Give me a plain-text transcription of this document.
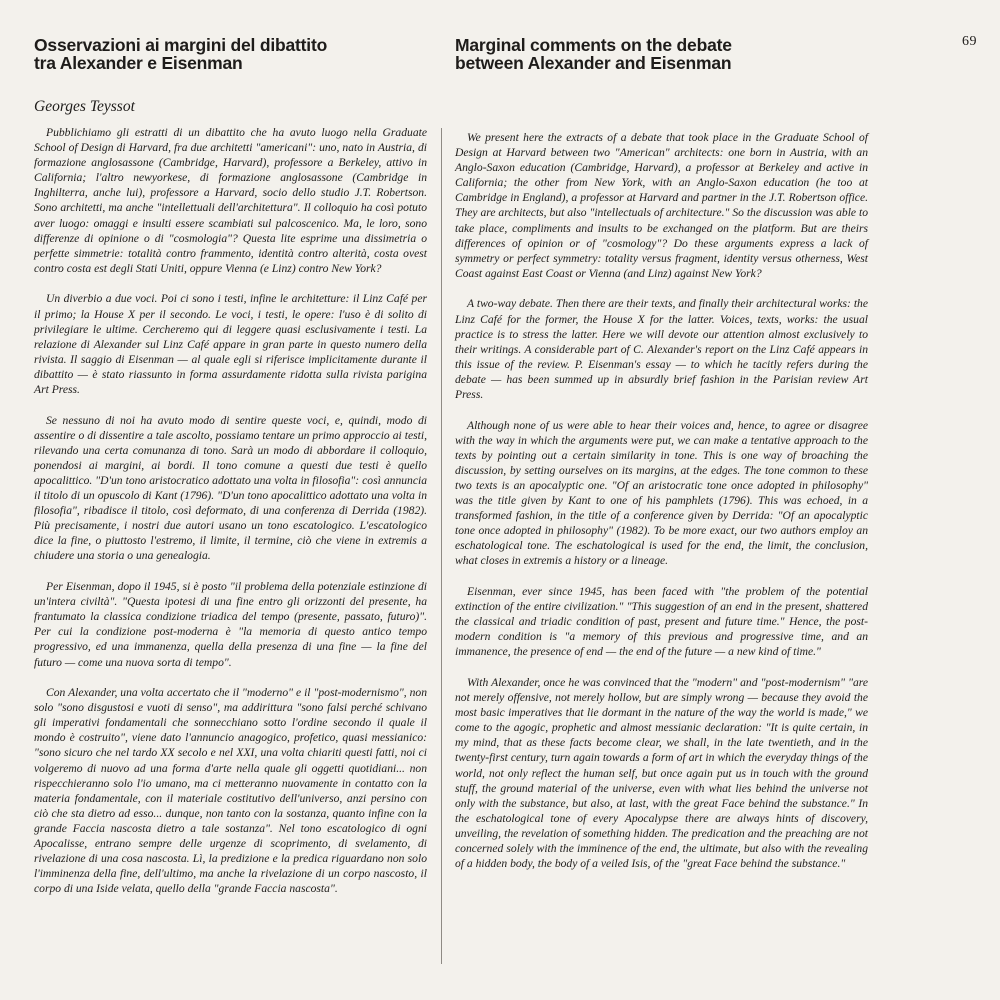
69
Osservazioni ai margini del dibattito
tra Alexander e Eisenman
Marginal comments on the debate
between Alexander and Eisenman
Georges Teyssot

Pubblichiamo gli estratti di un dibattito che ha avuto luogo nella Graduate School of Design di Harvard, fra due architetti "americani": uno, nato in Austria, di formazione anglosassone (Cambridge, Harvard), professore a Berkeley, attivo in California; l'altro newyorkese, di formazione anglosassone (Cambridge in Inghilterra, anche lui), professore a Harvard, socio dello studio J.T. Robertson. Sono architetti, ma anche "intellettuali dell'architettura". Il colloquio ha così potuto aver luogo: omaggi e insulti essere scambiati sul palcoscenico. Ma, le loro, sono differenze di opinione o di "cosmologia"? Questa lite esprime una dissimetria o perfette simmetrie: totalità contro frammento, identità contro alterità, costa ovest contro costa est degli Stati Uniti, oppure Vienna (e Linz) contro New York?

Un diverbio a due voci. Poi ci sono i testi, infine le architetture: il Linz Café per il primo; la House X per il secondo. Le voci, i testi, le opere: l'uso è di solito di privilegiare le ultime. Cercheremo qui di leggere quasi esclusivamente i testi. La relazione di Alexander sul Linz Café appare in gran parte in questo numero della rivista. Il saggio di Eisenman — al quale egli si riferisce implicitamente durante il dibattito — è stato riassunto in forma assurdamente ridotta sulla rivista parigina Art Press.

Se nessuno di noi ha avuto modo di sentire queste voci, e, quindi, modo di assentire o di dissentire a tale ascolto, possiamo tentare un primo approccio ai testi, rilevando una certa comunanza di tono. Sarà un modo di abbordare il colloquio, ponendosi ai margini, ai bordi. Il tono comune a questi due testi è quello apocalittico. "D'un tono aristocratico adottato una volta in filosofia": così annuncia il titolo di un opuscolo di Kant (1796). "D'un tono apocalittico adottato una volta in filosofia", ribadisce il titolo, così deformato, di una conferenza di Derrida (1982). Più precisamente, i nostri due autori usano un tono escatologico. L'escatologico dice la fine, o piuttosto l'estremo, il limite, il termine, ciò che viene in extremis a chiudere una storia o una genealogia.

Per Eisenman, dopo il 1945, si è posto "il problema della potenziale estinzione di un'intera civiltà". "Questa ipotesi di una fine entro gli orizzonti del presente, ha frantumato la classica condizione triadica del tempo (presente, passato, futuro)". Per cui la condizione post-moderna è "la memoria di questo antico tempo progressivo, ed una immanenza, quella della presenza di una fine — la fine del futuro — come una nuova sorta di tempo".

Con Alexander, una volta accertato che il "moderno" e il "post-modernismo", non solo "sono disgustosi e vuoti di senso", ma addirittura "sono falsi perché schivano gli imperativi fondamentali che sonnecchiano sotto l'ordine secondo il quale il mondo è costruito", viene dato l'annuncio anagogico, profetico, quasi messianico: "sono sicuro che nel tardo XX secolo e nel XXI, una volta chiariti questi fatti, noi ci volgeremo di nuovo ad una forma d'arte nella quale gli oggetti quotidiani... non rispecchieranno solo l'io umano, ma ci metteranno nuovamente in contatto con la materia fondamentale, con il materiale costitutivo dell'universo, anzi persino con ciò che sta dietro ad esso... dunque, non tanto con la sostanza, quanto infine con la grande Faccia nascosta dietro a tale sostanza". Nel tono escatologico di ogni Apocalisse, entrano sempre delle urgenze di scoprimento, di svelamento, di rivelazione di una cosa nascosta. Lì, la predizione e la predica riguardano non solo l'imminenza della fine, dell'ultimo, ma anche la rivelazione di un corpo nascosto, il corpo di una Iside velata, quello della "grande Faccia nascosta".

We present here the extracts of a debate that took place in the Graduate School of Design at Harvard between two "American" architects: one born in Austria, with an Anglo-Saxon education (Cambridge, Harvard), a professor at Berkeley and active in California; the other from New York, with an Anglo-Saxon education (he too at Cambridge in England), a professor at Harvard and partner in the J.T. Robertson office. They are architects, but also "intellectuals of architecture." So the discussion was able to take place, compliments and insults to be exchanged on the platform. But are theirs differences of opinion or of "cosmology"? Do these arguments express a lack of symmetry or perfect symmetry: totality versus fragment, identity versus otherness, West Coast against East Coast or Vienna (and Linz) against New York?

A two-way debate. Then there are their texts, and finally their architectural works: the Linz Café for the former, the House X for the latter. Voices, texts, works: the usual practice is to stress the latter. Here we will devote our attention almost exclusively to their writings. A considerable part of C. Alexander's report on the Linz Café appears in this issue of the review. P. Eisenman's essay — to which he tacitly refers during the debate — has been summed up in absurdly brief fashion in the Parisian review Art Press.

Although none of us were able to hear their voices and, hence, to agree or disagree with the way in which the arguments were put, we can make a tentative approach to the texts by pointing out a certain similarity in tone. This is one way of broaching the discussion, by setting ourselves on its margins, at the edges. The tone common to these two texts is an apocalyptic one. "Of an aristocratic tone once adopted in philosophy" was the title given by Kant to one of his pamphlets (1796). This was echoed, in a transformed fashion, in the title of a conference given by Derrida: "Of an apocalyptic tone once adopted in philosophy" (1982). To be more exact, our two authors employ an eschatological tone. The eschatological is used for the end, the limit, the conclusion, what closes in extremis a history or a lineage.

Eisenman, ever since 1945, has been faced with "the problem of the potential extinction of the entire civilization." "This suggestion of an end in the present, shattered the classical and triadic condition of past, present and future time." Hence, the post-modern condition is "a memory of this previous and progressive time, and an immanence, the presence of end — the end of the future — a new kind of time."

With Alexander, once he was convinced that the "modern" and "post-modernism" "are not merely offensive, not merely hollow, but are simply wrong — because they avoid the most basic imperatives that lie dormant in the nature of the way the world is made," we come to the agogic, prophetic and almost messianic declaration: "It is quite certain, in my mind, that as these facts become clear, we shall, in the late twentieth, and in the twenty-first century, turn again towards a form of art in which the everyday things of the world, not only reflect the human self, but once again put us in touch with the ground stuff, the ground material of the universe, even with what lies behind the universe not only with the substance, but also, at last, with the great Face behind the substance." In the eschatological tone of every Apocalypse there are always hints of discovery, unveiling, the revelation of something hidden. The predication and the preaching are not concerned solely with the imminence of the end, the ultimate, but also with the revealing of a hidden body, the body of a veiled Isis, of the "great Face behind the substance."
